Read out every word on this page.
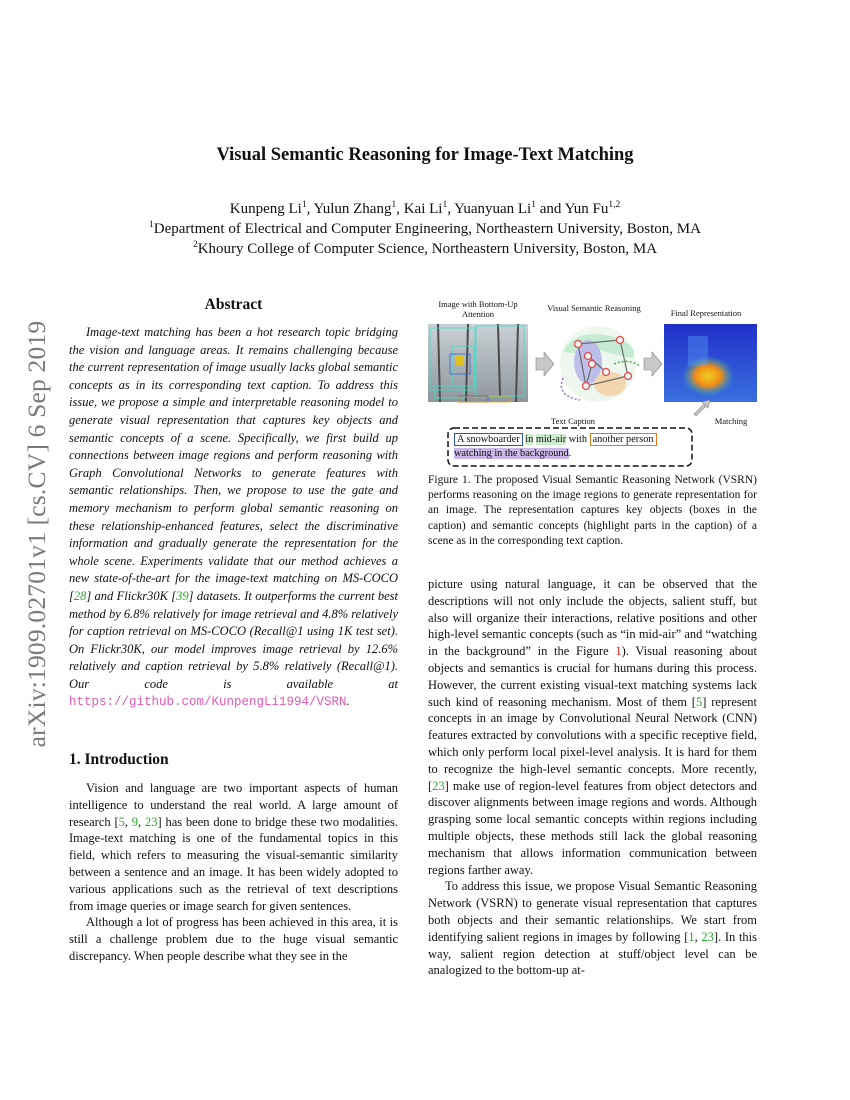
arXiv:1909.02701v1 [cs.CV] 6 Sep 2019
Visual Semantic Reasoning for Image-Text Matching
Kunpeng Li$^1$, Yulun Zhang$^1$, Kai Li$^1$, Yuanyuan Li$^1$ and Yun Fu$^{1,2}$
$^1$Department of Electrical and Computer Engineering, Northeastern University, Boston, MA
$^2$Khoury College of Computer Science, Northeastern University, Boston, MA
Abstract

Image-text matching has been a hot research topic bridging the vision and language areas. It remains challenging because the current representation of image usually lacks global semantic concepts as in its corresponding text caption. To address this issue, we propose a simple and interpretable reasoning model to generate visual representation that captures key objects and semantic concepts of a scene. Specifically, we first build up connections between image regions and perform reasoning with Graph Convolutional Networks to generate features with semantic relationships. Then, we propose to use the gate and memory mechanism to perform global semantic reasoning on these relationship-enhanced features, select the discriminative information and gradually generate the representation for the whole scene. Experiments validate that our method achieves a new state-of-the-art for the image-text matching on MS-COCO [28] and Flickr30K [39] datasets. It outperforms the current best method by 6.8% relatively for image retrieval and 4.8% relatively for caption retrieval on MS-COCO (Recall@1 using 1K test set). On Flickr30K, our model improves image retrieval by 12.6% relatively and caption retrieval by 5.8% relatively (Recall@1). Our code is available at https://github.com/KunpengLi1994/VSRN.

1. Introduction

Vision and language are two important aspects of human intelligence to understand the real world. A large amount of research [5, 9, 23] has been done to bridge these two modalities. Image-text matching is one of the fundamental topics in this field, which refers to measuring the visual-semantic similarity between a sentence and an image. It has been widely adopted to various applications such as the retrieval of text descriptions from image queries or image search for given sentences.

Although a lot of progress has been achieved in this area, it is still a challenge problem due to the huge visual semantic discrepancy. When people describe what they see in the

Image with Bottom-Up Attention
Visual Semantic Reasoning	Final Representation
Text Caption	Matching
A snowboarder in mid-air with another person
watching in the background.

Figure 1. The proposed Visual Semantic Reasoning Network (VSRN) performs reasoning on the image regions to generate representation for an image. The representation captures key objects (boxes in the caption) and semantic concepts (highlight parts in the caption) of a scene as in the corresponding text caption.

picture using natural language, it can be observed that the descriptions will not only include the objects, salient stuff, but also will organize their interactions, relative positions and other high-level semantic concepts (such as “in mid-air” and “watching in the background” in the Figure 1). Visual reasoning about objects and semantics is crucial for humans during this process. However, the current existing visual-text matching systems lack such kind of reasoning mechanism. Most of them [5] represent concepts in an image by Convolutional Neural Network (CNN) features extracted by convolutions with a specific receptive field, which only perform local pixel-level analysis. It is hard for them to recognize the high-level semantic concepts. More recently, [23] make use of region-level features from object detectors and discover alignments between image regions and words. Although grasping some local semantic concepts within regions including multiple objects, these methods still lack the global reasoning mechanism that allows information communication between regions farther away.

To address this issue, we propose Visual Semantic Reasoning Network (VSRN) to generate visual representation that captures both objects and their semantic relationships. We start from identifying salient regions in images by following [1, 23]. In this way, salient region detection at stuff/object level can be analogized to the bottom-up at-
